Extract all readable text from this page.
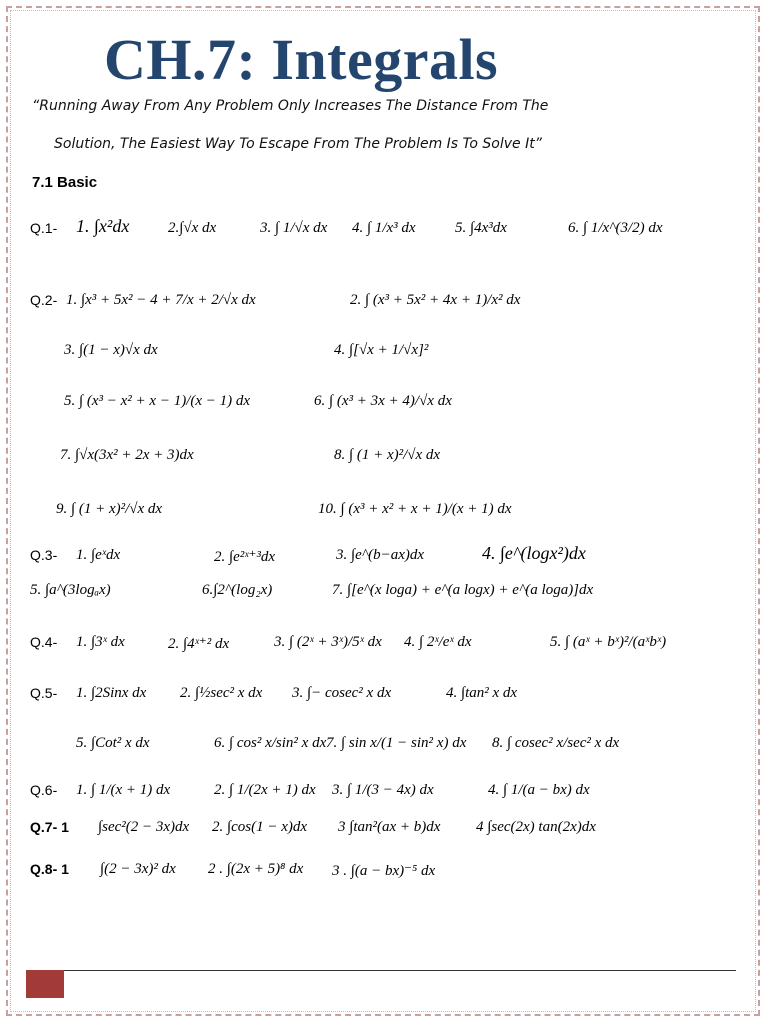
CH.7: Integrals
“Running Away From Any Problem Only Increases The Distance From The
Solution, The Easiest Way To Escape From The Problem Is To Solve It”
7.1 Basic
Q.1- 1. ∫x²dx	2.∫√x dx	3. ∫ 1/√x dx 4. ∫ 1/x³ dx	5. ∫4x³dx	6. ∫ 1/x^(3/2) dx
Q.2- 1. ∫x³ + 5x² − 4 + 7/x + 2/√x dx	2. ∫ (x³ + 5x² + 4x + 1)/x² dx
3. ∫(1 − x)√x dx	4. ∫[√x + 1/√x]²
5. ∫ (x³ − x² + x − 1)/(x − 1) dx	6. ∫ (x³ + 3x + 4)/√x dx
7. ∫√x(3x² + 2x + 3)dx	8. ∫ (1 + x)²/√x dx
9. ∫ (1 + x)²/√x dx	10. ∫ (x³ + x² + x + 1)/(x + 1) dx
Q.3- 1. ∫eˣdx	2. ∫e²ˣ⁺³dx	3. ∫e^(b−ax)dx	4. ∫e^(logx²)dx
5. ∫a^(3logₐx)	6.∫2^(log₂x)	7. ∫[e^(x loga) + e^(a logx) + e^(a loga)]dx
Q.4- 1. ∫3ˣ dx	2. ∫4ˣ⁺² dx	3. ∫ (2ˣ + 3ˣ)/5ˣ dx 4. ∫ 2ˣ/eˣ dx	5. ∫ (aˣ + bˣ)²/(aˣbˣ)
Q.5- 1. ∫2Sinx dx 2. ∫½sec² x dx 3. ∫− cosec² x dx	4. ∫tan² x dx
5. ∫Cot² x dx	6. ∫ cos² x/sin² x dx 7. ∫ sin x/(1 − sin² x) dx 8. ∫ cosec² x/sec² x dx
Q.6- 1. ∫ 1/(x + 1) dx	2. ∫ 1/(2x + 1) dx 3. ∫ 1/(3 − 4x) dx	4. ∫ 1/(a − bx) dx
Q.7- 1 ∫sec²(2 − 3x)dx 2. ∫cos(1 − x)dx 3 ∫tan²(ax + b)dx 4 ∫sec(2x) tan(2x)dx
Q.8- 1 ∫(2 − 3x)² dx 2 . ∫(2x + 5)⁸ dx 3 . ∫(a − bx)⁻⁵ dx
